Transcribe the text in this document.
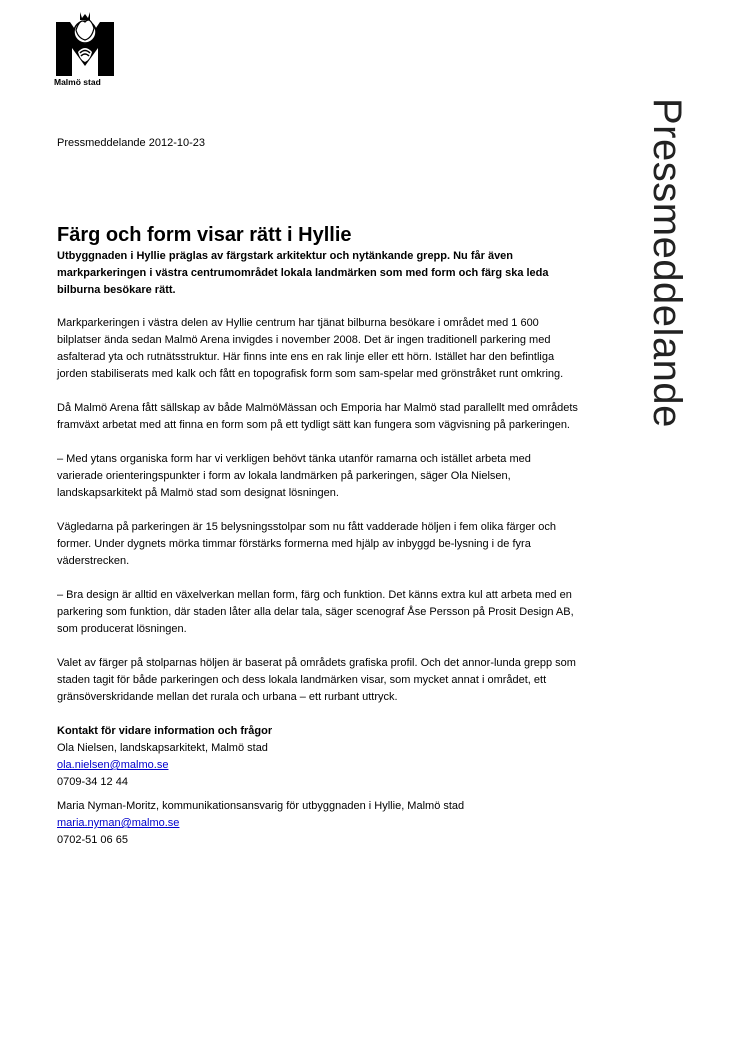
Malmö stad
Pressmeddelande
Pressmeddelande 2012-10-23
Färg och form visar rätt i Hyllie
Utbyggnaden i Hyllie präglas av färgstark arkitektur och nytänkande grepp. Nu får även markparkeringen i västra centrumområdet lokala landmärken som med form och färg ska leda bilburna besökare rätt.

Markparkeringen i västra delen av Hyllie centrum har tjänat bilburna besökare i området med 1 600 bilplatser ända sedan Malmö Arena invigdes i november 2008. Det är ingen traditionell parkering med asfalterad yta och rutnätsstruktur. Här finns inte ens en rak linje eller ett hörn. Istället har den befintliga jorden stabiliserats med kalk och fått en topografisk form som sam-spelar med grönstråket runt omkring.

Då Malmö Arena fått sällskap av både MalmöMässan och Emporia har Malmö stad parallellt med områdets framväxt arbetat med att finna en form som på ett tydligt sätt kan fungera som vägvisning på parkeringen.

– Med ytans organiska form har vi verkligen behövt tänka utanför ramarna och istället arbeta med varierade orienteringspunkter i form av lokala landmärken på parkeringen, säger Ola Nielsen, landskapsarkitekt på Malmö stad som designat lösningen.

Vägledarna på parkeringen är 15 belysningsstolpar som nu fått vadderade höljen i fem olika färger och former. Under dygnets mörka timmar förstärks formerna med hjälp av inbyggd be-lysning i de fyra väderstrecken.

– Bra design är alltid en växelverkan mellan form, färg och funktion. Det känns extra kul att arbeta med en parkering som funktion, där staden låter alla delar tala, säger scenograf Åse Persson på Prosit Design AB, som producerat lösningen.

Valet av färger på stolparnas höljen är baserat på områdets grafiska profil. Och det annor-lunda grepp som staden tagit för både parkeringen och dess lokala landmärken visar, som mycket annat i området, ett gränsöverskridande mellan det rurala och urbana – ett rurbant uttryck.

Kontakt för vidare information och frågor
Ola Nielsen, landskapsarkitekt, Malmö stad
ola.nielsen@malmo.se
0709-34 12 44
Maria Nyman-Moritz, kommunikationsansvarig för utbyggnaden i Hyllie, Malmö stad
maria.nyman@malmo.se
0702-51 06 65
